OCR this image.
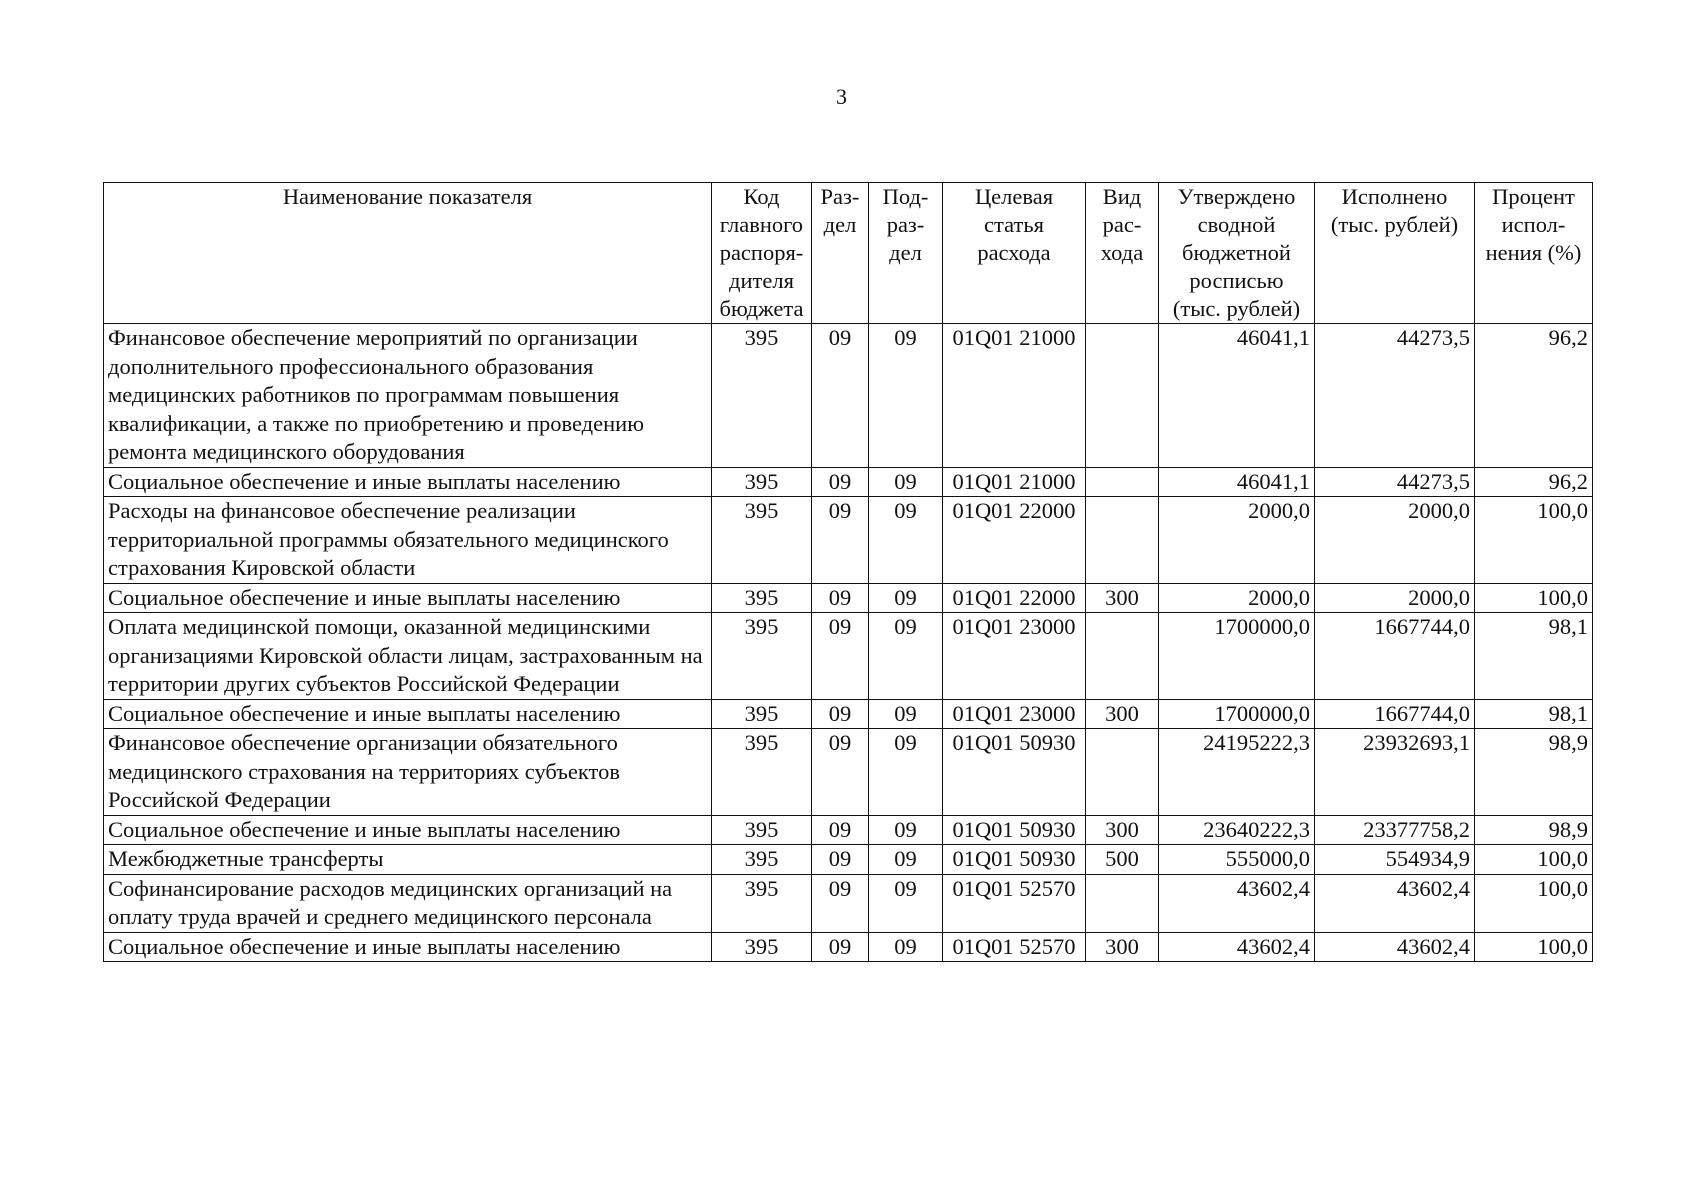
3
Наименование показателя	Код главного распоря-дителя бюджета	Раз-дел	Под-раз-дел	Целевая статья расхода	Вид рас-хода	Утверждено сводной бюджетной росписью (тыс. рублей)	Исполнено (тыс. рублей)	Процент испол-нения (%)
Финансовое обеспечение мероприятий по организации дополнительного профессионального образования медицинских работников по программам повышения квалификации, а также по приобретению и проведению ремонта медицинского оборудования	395	09	09	01Q01 21000		46041,1	44273,5	96,2
Социальное обеспечение и иные выплаты населению	395	09	09	01Q01 21000		46041,1	44273,5	96,2
Расходы на финансовое обеспечение реализации территориальной программы обязательного медицинского страхования Кировской области	395	09	09	01Q01 22000		2000,0	2000,0	100,0
Социальное обеспечение и иные выплаты населению	395	09	09	01Q01 22000	300	2000,0	2000,0	100,0
Оплата медицинской помощи, оказанной медицинскими организациями Кировской области лицам, застрахованным на территории других субъектов Российской Федерации	395	09	09	01Q01 23000		1700000,0	1667744,0	98,1
Социальное обеспечение и иные выплаты населению	395	09	09	01Q01 23000	300	1700000,0	1667744,0	98,1
Финансовое обеспечение организации обязательного медицинского страхования на территориях субъектов Российской Федерации	395	09	09	01Q01 50930		24195222,3	23932693,1	98,9
Социальное обеспечение и иные выплаты населению	395	09	09	01Q01 50930	300	23640222,3	23377758,2	98,9
Межбюджетные трансферты	395	09	09	01Q01 50930	500	555000,0	554934,9	100,0
Софинансирование расходов медицинских организаций на оплату труда врачей и среднего медицинского персонала	395	09	09	01Q01 52570		43602,4	43602,4	100,0
Социальное обеспечение и иные выплаты населению	395	09	09	01Q01 52570	300	43602,4	43602,4	100,0
